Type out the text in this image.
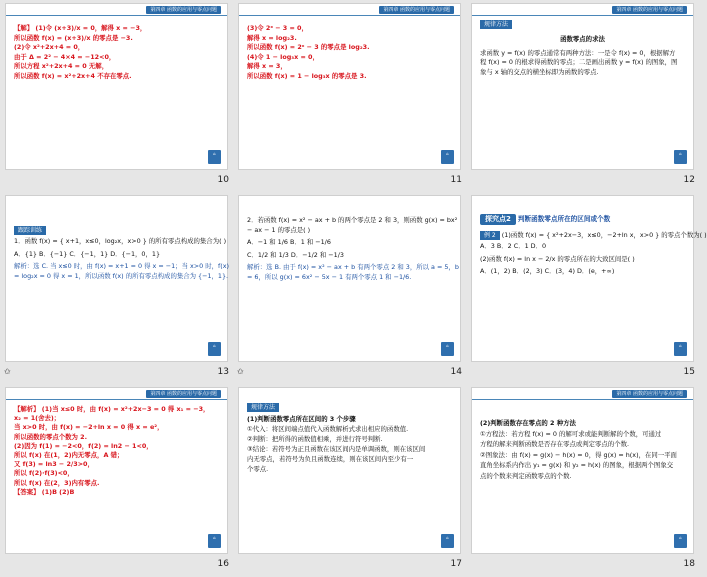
第四章 函数的应用与零点问题
【解】 (1)令 (x+3)/x = 0，解得 x = −3，
所以函数 f(x) = (x+3)/x 的零点是 −3.
(2)令 x²+2x+4 = 0，
由于 Δ = 2² − 4×4 = −12<0，
所以方程 x²+2x+4 = 0 无解，
所以函数 f(x) = x²+2x+4 不存在零点.
⌂
10
第四章 函数的应用与零点问题
(3)令 2ˣ − 3 = 0，
解得 x = log₂3.
所以函数 f(x) = 2ˣ − 3 的零点是 log₂3.
(4)令 1 − log₃x = 0，
解得 x = 3，
所以函数 f(x) = 1 − log₃x 的零点是 3.
⌂
11
第四章 函数的应用与零点问题
规律方法
函数零点的求法
求函数 y = f(x) 的零点通常有两种方法：一是令 f(x) = 0，根据解方
程 f(x) = 0 的根求得函数的零点；二是画出函数 y = f(x) 的图象，图
象与 x 轴的交点的横坐标即为函数的零点.
⌂
12
跟踪训练
1．函数 f(x) = { x+1，x≤0，log₂x，x>0 } 的所有零点构成的集合为( )
A．{1} B．{−1} C．{−1，1} D．{−1，0，1}
解析：选 C. 当 x≤0 时，由 f(x) = x+1 = 0 得 x = −1；当 x>0 时，f(x)
= log₂x = 0 得 x = 1，所以函数 f(x) 的所有零点构成的集合为 {−1，1}.
⌂
✩	13
2．若函数 f(x) = x² − ax + b 的两个零点是 2 和 3，则函数 g(x) = bx²
− ax − 1 的零点是( )
A．−1 和 1/6 B．1 和 −1/6
C．1/2 和 1/3 D．−1/2 和 −1/3
解析：选 B. 由于 f(x) = x² − ax + b 有两个零点 2 和 3，所以 a = 5，b
= 6，所以 g(x) = 6x² − 5x − 1 有两个零点 1 和 −1/6.
⌂
✩	14
探究点2 判断函数零点所在的区间或个数
例 2 (1)函数 f(x) = { x²+2x−3，x≤0，−2+ln x，x>0 } 的零点个数为( )
A．3 B．2 C．1 D．0
(2)函数 f(x) = ln x − 2/x 的零点所在的大致区间是( )
A．(1，2) B．(2，3) C．(3，4) D．(e，+∞)
⌂
15
第四章 函数的应用与零点问题
【解析】 (1)当 x≤0 时，由 f(x) = x²+2x−3 = 0 得 x₁ = −3，
x₂ = 1(舍去)；
当 x>0 时，由 f(x) = −2+ln x = 0 得 x = e²，
所以函数的零点个数为 2.
(2)因为 f(1) = −2<0，f(2) = ln2 − 1<0，
所以 f(x) 在(1，2)内无零点，A 错；
又 f(3) = ln3 − 2/3>0，
所以 f(2)·f(3)<0，
所以 f(x) 在(2，3)内有零点.
【答案】 (1)B (2)B
⌂
16
规律方法
(1)判断函数零点所在区间的 3 个步骤
①代入：将区间端点值代入函数解析式求出相应的函数值.
②判断：把所得的函数值相乘，并进行符号判断.
③结论：若符号为正且函数在该区间内是单调函数，则在该区间
内无零点，若符号为负且函数连续，则在该区间内至少有一
个零点.
⌂
17
第四章 函数的应用与零点问题
(2)判断函数存在零点的 2 种方法
①方程法：若方程 f(x) = 0 的解可求或能判断解的个数，可通过
方程的解来判断函数是否存在零点或判定零点的个数.
②图象法：由 f(x) = g(x) − h(x) = 0，得 g(x) = h(x)，在同一平面
直角坐标系内作出 y₁ = g(x) 和 y₂ = h(x) 的图象，根据两个图象交
点的个数来判定函数零点的个数.
⌂
18
